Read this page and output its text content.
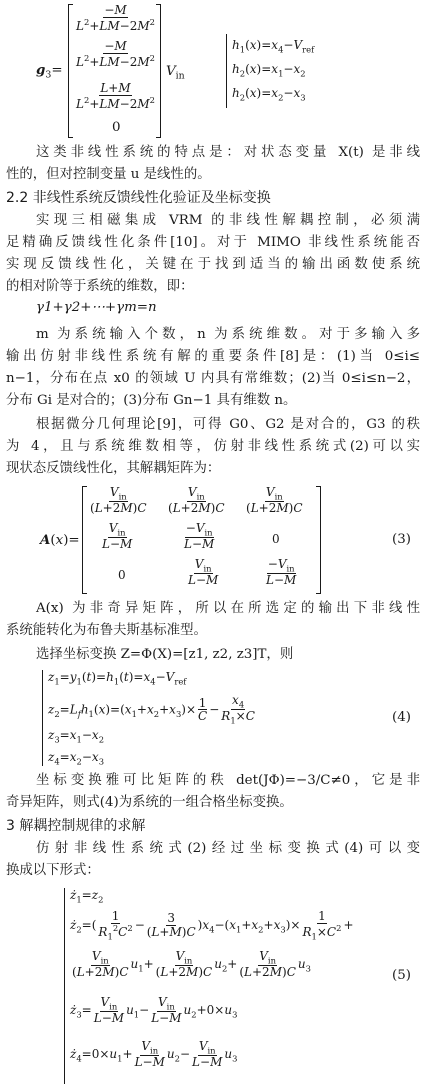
$g_3=$
$\frac{-M}{L^2+LM-2M^2}$
$\frac{-M}{L^2+LM-2M^2}$
$\frac{L+M}{L^2+LM-2M^2}$
0
$V_{in}$
$h_1(x)=x_4-V_{ref}$
$h_2(x)=x_1-x_2$
$h_2(x)=x_2-x_3$
这类非线性系统的特点是：对状态变量 X(t) 是非线
性的，但对控制变量 u 是线性的。
2.2 非线性系统反馈线性化验证及坐标变换
实现三相磁集成 VRM 的非线性解耦控制，必须满
足精确反馈线性化条件[10]。对于 MIMO 非线性系统能否
实现反馈线性化，关键在于找到适当的输出函数使系统
的相对阶等于系统的维数，即：
γ1+γ2+⋯+γm=n
m 为系统输入个数，n 为系统维数。对于多输入多
输出仿射非线性系统有解的重要条件[8]是：(1)当 0≤i≤
n−1，分布在点 x0 的领域 U 内具有常维数；(2)当 0≤i≤n−2，
分布 Gi 是对合的；(3)分布 Gn−1 具有维数 n。
根据微分几何理论[9]，可得 G0、G2 是对合的，G3 的秩
为 4，且与系统维数相等，仿射非线性系统式(2)可以实
现状态反馈线性化，其解耦矩阵为：
A(x)=
$\frac{V_{in}}{(L+2M)C} \frac{V_{in}}{(L+2M)C} \frac{V_{in}}{(L+2M)C}$
$\frac{V_{in}}{L-M}$	$\frac{-V_{in}}{L-M}$	0
0	$\frac{V_{in}}{L-M}$	$\frac{-V_{in}}{L-M}$
(3)
A(x) 为非奇异矩阵，所以在所选定的输出下非线性
系统能转化为布鲁夫斯基标准型。
选择坐标变换 Z=Φ(X)=[z1, z2, z3]T，则
$z_1=y_1(t)=h_1(t)=x_4-V_{ref}$
$z_2=L_fh_1(x)=(x_1+x_2+x_3)\times \frac{1}{C} - \frac{x_4}{R_1\times C}$
$z_3=x_1-x_2$
$z_4=x_2-x_3$
(4)
坐标变换雅可比矩阵的秩 det(JΦ)=−3/C≠0，它是非
奇异矩阵，则式(4)为系统的一组合格坐标变换。
3 解耦控制规律的求解
仿射非线性系统式(2)经过坐标变换式(4)可以变
换成以下形式：
$ż_1=z_2$
$ż_2=( \frac{1}{R_1^2C^2} - \frac{3}{(L+M)C} )x_4-(x_1+x_2+x_3)\times \frac{1}{R_1\times C^2}$ +
$\frac{V_{in}}{(L+2M)C} u_1+ \frac{V_{in}}{(L+2M)C} u_2+ \frac{V_{in}}{(L+2M)C} u_3$
$ż_3= \frac{V_{in}}{L-M} u_1- \frac{V_{in}}{L-M} u_2+0\times u_3$
$ż_4=0\times u_1+ \frac{V_{in}}{L-M} u_2- \frac{V_{in}}{L-M} u_3$
(5)
